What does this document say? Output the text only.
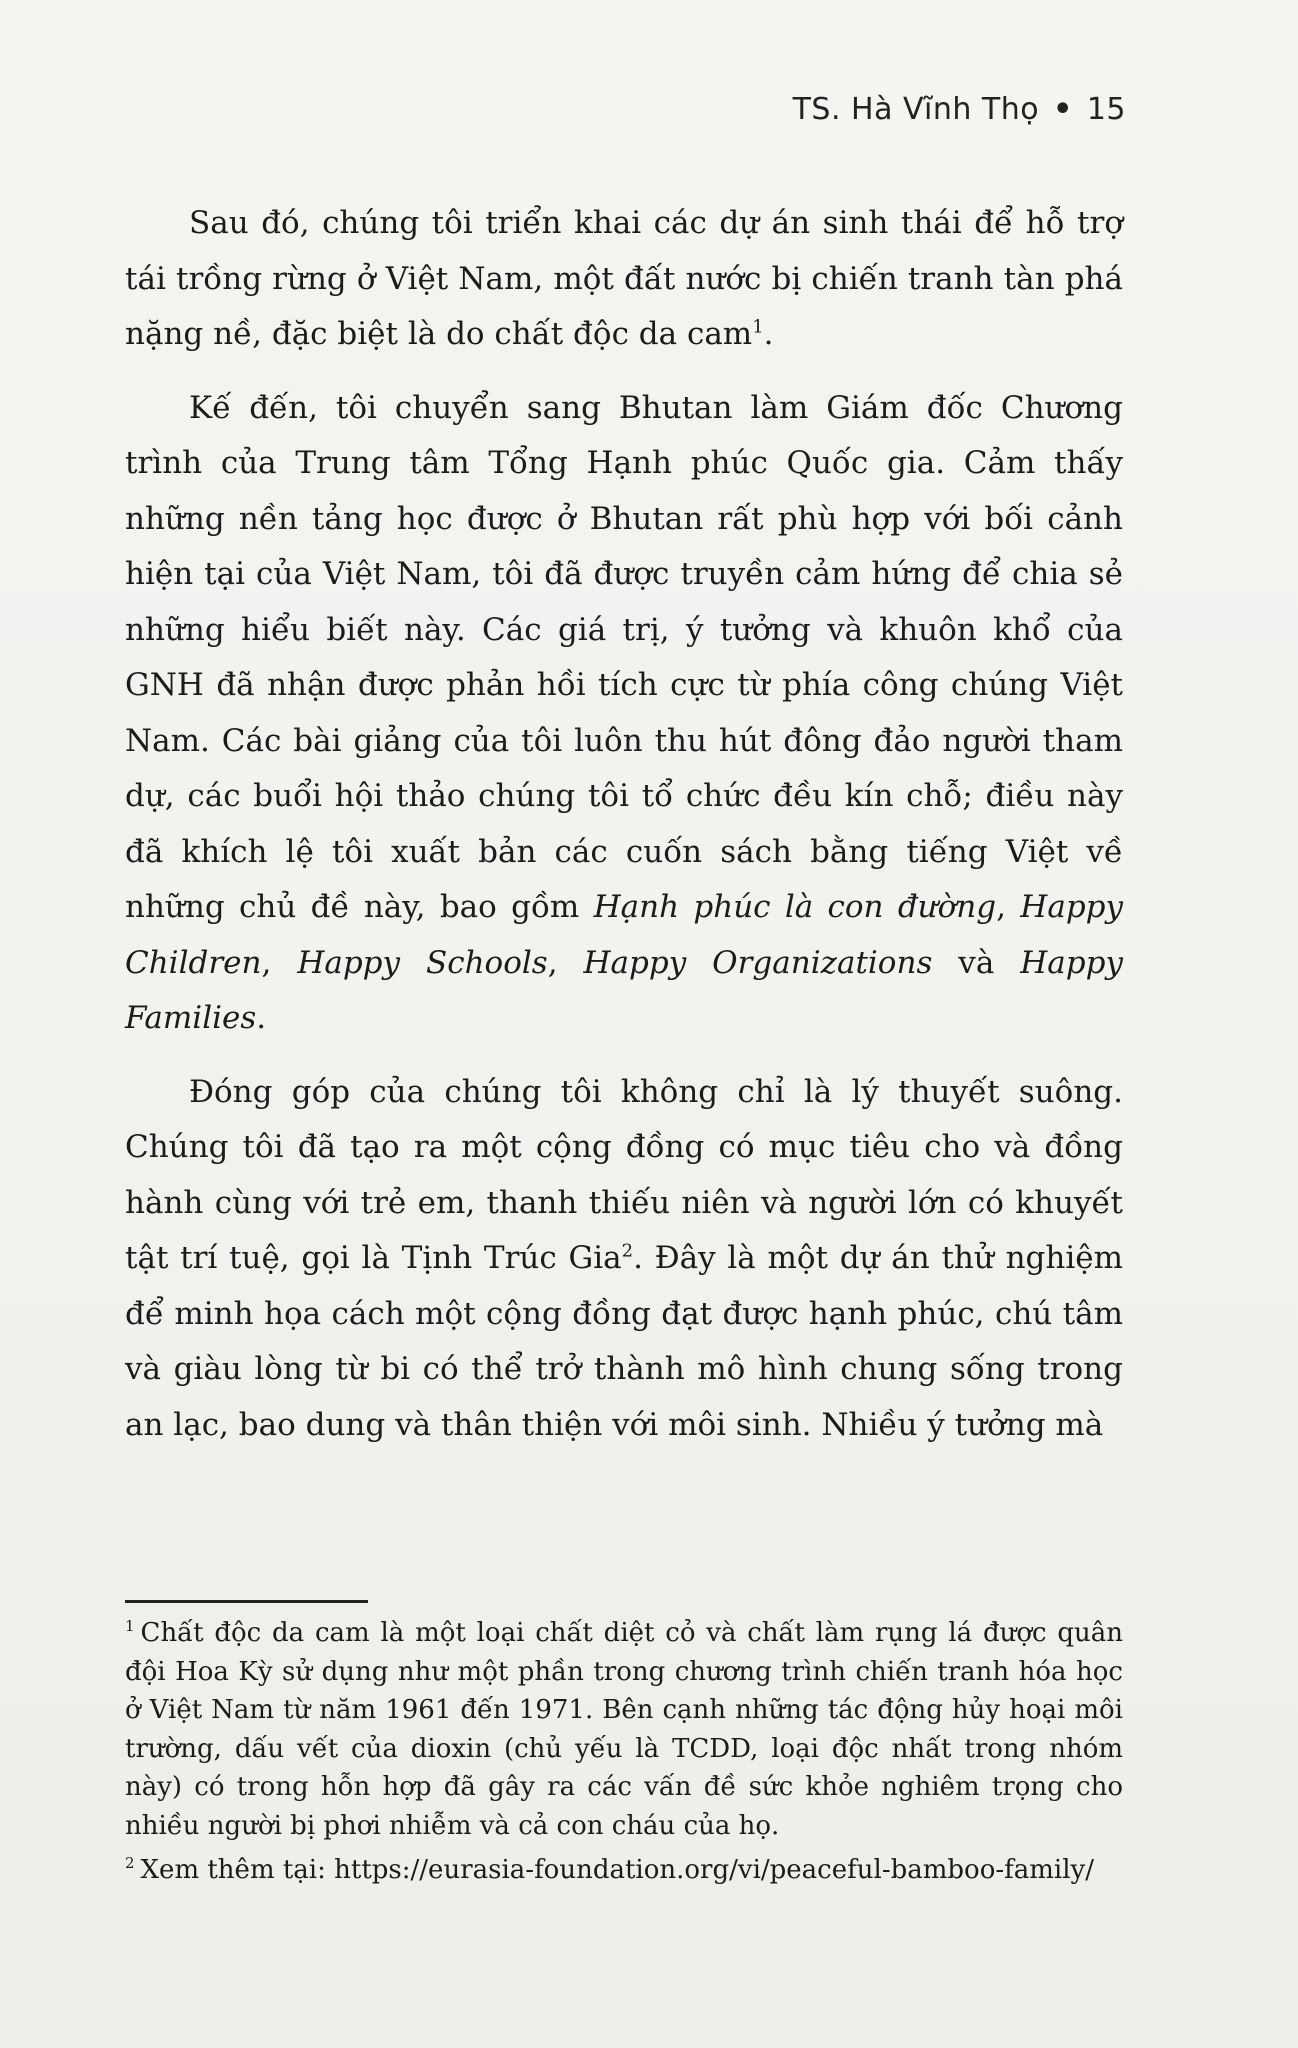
TS. Hà Vĩnh Thọ • 15

Sau đó, chúng tôi triển khai các dự án sinh thái để hỗ trợ tái trồng rừng ở Việt Nam, một đất nước bị chiến tranh tàn phá nặng nề, đặc biệt là do chất độc da cam$^1$.

Kế đến, tôi chuyển sang Bhutan làm Giám đốc Chương trình của Trung tâm Tổng Hạnh phúc Quốc gia. Cảm thấy những nền tảng học được ở Bhutan rất phù hợp với bối cảnh hiện tại của Việt Nam, tôi đã được truyền cảm hứng để chia sẻ những hiểu biết này. Các giá trị, ý tưởng và khuôn khổ của GNH đã nhận được phản hồi tích cực từ phía công chúng Việt Nam. Các bài giảng của tôi luôn thu hút đông đảo người tham dự, các buổi hội thảo chúng tôi tổ chức đều kín chỗ; điều này đã khích lệ tôi xuất bản các cuốn sách bằng tiếng Việt về những chủ đề này, bao gồm Hạnh phúc là con đường, Happy Children, Happy Schools, Happy Organizations và Happy Families.

Đóng góp của chúng tôi không chỉ là lý thuyết suông. Chúng tôi đã tạo ra một cộng đồng có mục tiêu cho và đồng hành cùng với trẻ em, thanh thiếu niên và người lớn có khuyết tật trí tuệ, gọi là Tịnh Trúc Gia$^2$. Đây là một dự án thử nghiệm để minh họa cách một cộng đồng đạt được hạnh phúc, chú tâm và giàu lòng từ bi có thể trở thành mô hình chung sống trong an lạc, bao dung và thân thiện với môi sinh. Nhiều ý tưởng mà

$^1$ Chất độc da cam là một loại chất diệt cỏ và chất làm rụng lá được quân đội Hoa Kỳ sử dụng như một phần trong chương trình chiến tranh hóa học ở Việt Nam từ năm 1961 đến 1971. Bên cạnh những tác động hủy hoại môi trường, dấu vết của dioxin (chủ yếu là TCDD, loại độc nhất trong nhóm này) có trong hỗn hợp đã gây ra các vấn đề sức khỏe nghiêm trọng cho nhiều người bị phơi nhiễm và cả con cháu của họ.

$^2$ Xem thêm tại: https://eurasia-foundation.org/vi/peaceful-bamboo-family/
